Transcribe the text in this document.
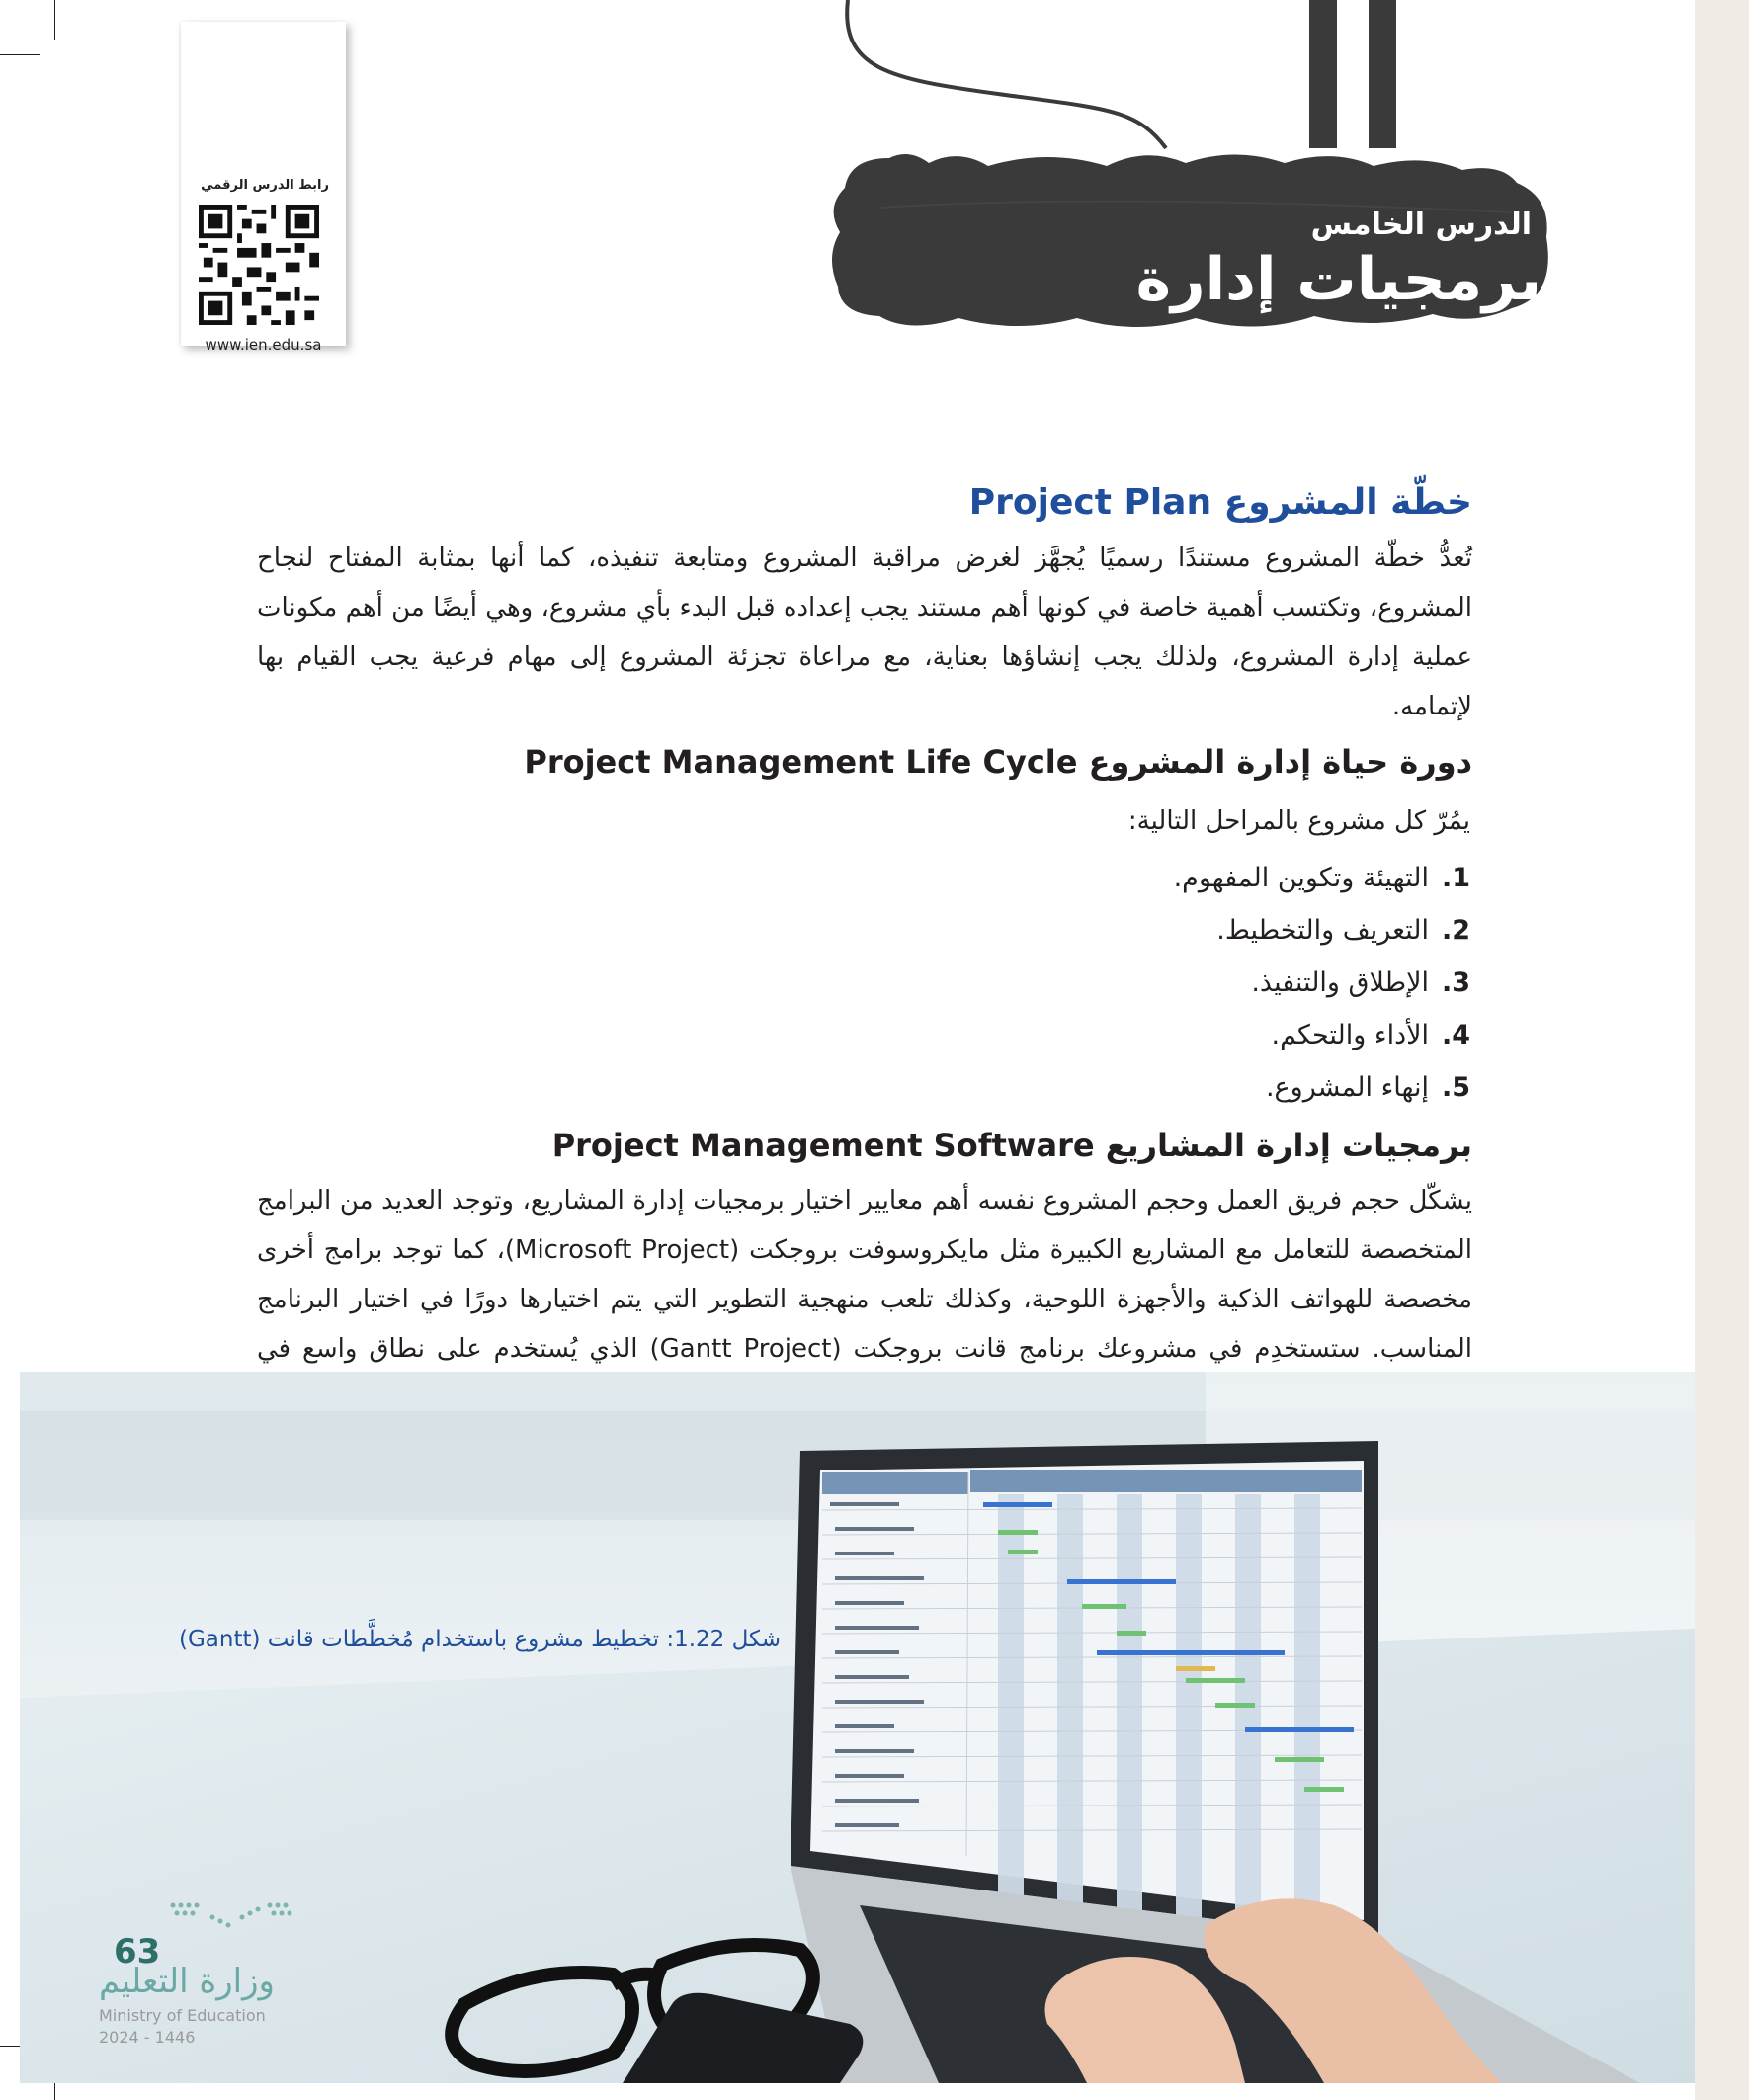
رابط الدرس الرقمي
www.ien.edu.sa
الدرس الخامس
برمجيات إدارة المشاريع
خطّة المشروع Project Plan
تُعدُّ خطّة المشروع مستندًا رسميًا يُجهَّز لغرض مراقبة المشروع ومتابعة تنفيذه، كما أنها بمثابة المفتاح لنجاح المشروع، وتكتسب أهمية خاصة في كونها أهم مستند يجب إعداده قبل البدء بأي مشروع، وهي أيضًا من أهم مكونات عملية إدارة المشروع، ولذلك يجب إنشاؤها بعناية، مع مراعاة تجزئة المشروع إلى مهام فرعية يجب القيام بها لإتمامه.
دورة حياة إدارة المشروع Project Management Life Cycle
يمُرّ كل مشروع بالمراحل التالية:
1.التهيئة وتكوين المفهوم.
2.التعريف والتخطيط.
3.الإطلاق والتنفيذ.
4.الأداء والتحكم.
5.إنهاء المشروع.
برمجيات إدارة المشاريع Project Management Software
يشكّل حجم فريق العمل وحجم المشروع نفسه أهم معايير اختيار برمجيات إدارة المشاريع، وتوجد العديد من البرامج المتخصصة للتعامل مع المشاريع الكبيرة مثل مايكروسوفت بروجكت (Microsoft Project)، كما توجد برامج أخرى مخصصة للهواتف الذكية والأجهزة اللوحية، وكذلك تلعب منهجية التطوير التي يتم اختيارها دورًا في اختيار البرنامج المناسب. ستستخدِم في مشروعك برنامج قانت بروجكت (Gantt Project) الذي يُستخدم على نطاق واسع في
شكل 1.22: تخطيط مشروع باستخدام مُخطَّطات قانت (Gantt)
63
وزارة التعليم
Ministry of Education
2024 - 1446
